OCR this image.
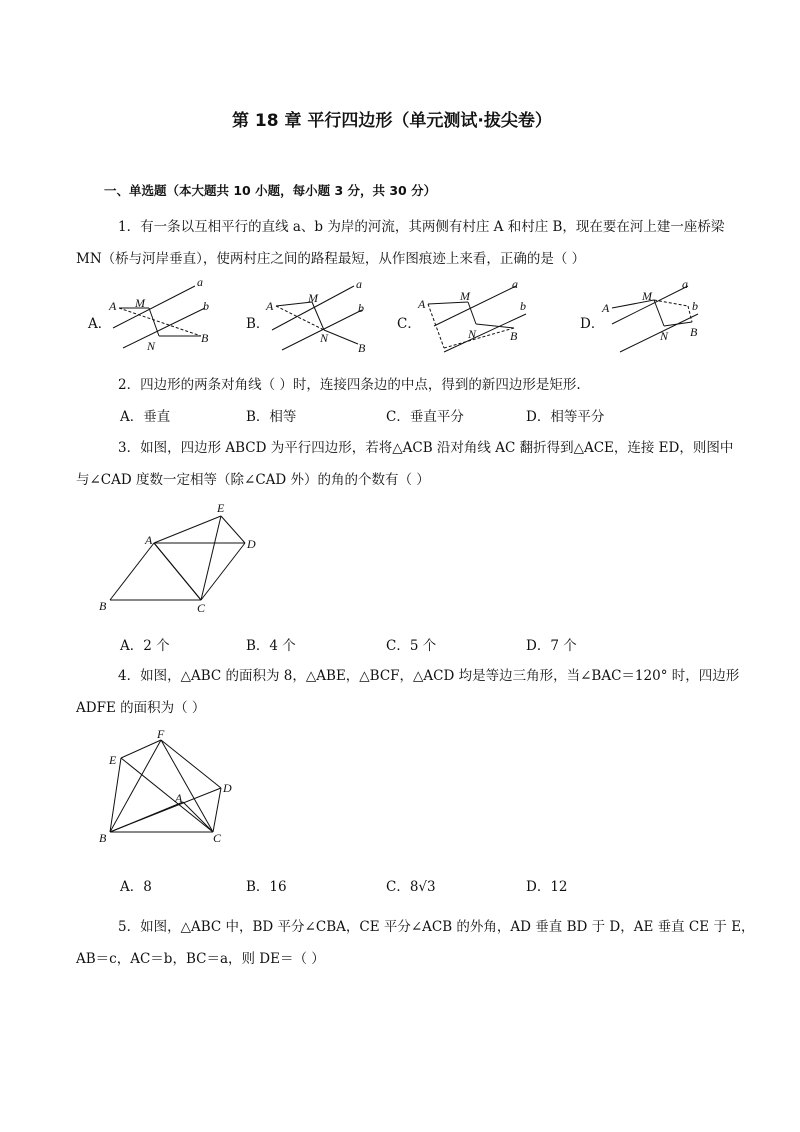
第 18 章 平行四边形（单元测试·拔尖卷）
一、单选题（本大题共 10 小题，每小题 3 分，共 30 分）
1．有一条以互相平行的直线 a、b 为岸的河流，其两侧有村庄 A 和村庄 B，现在要在河上建一座桥梁
MN（桥与河岸垂直），使两村庄之间的路程最短，从作图痕迹上来看，正确的是（ ）
A．	B．	C．	D．
A M
a
b
N
B
A
M
a
b
N
B
A
M
a
b
N	B
A
M
a
b
N B
2．四边形的两条对角线（ ）时，连接四条边的中点，得到的新四边形是矩形.
A．垂直	B．相等	C．垂直平分	D．相等平分
3．如图，四边形 ABCD 为平行四边形，若将△ACB 沿对角线 AC 翻折得到△ACE，连接 ED，则图中
与∠CAD 度数一定相等（除∠CAD 外）的角的个数有（ ）
A	D
E
B	C
A．2 个	B．4 个	C．5 个	D．7 个
4．如图，△ABC 的面积为 8，△ABE，△BCF，△ACD 均是等边三角形，当∠BAC＝120° 时，四边形
ADFE 的面积为（ ）
F
E
A
D
B	C
A．8	B．16	C．8√3	D．12
5．如图，△ABC 中，BD 平分∠CBA，CE 平分∠ACB 的外角，AD 垂直 BD 于 D，AE 垂直 CE 于 E，
AB＝c，AC＝b，BC＝a，则 DE＝（ ）
